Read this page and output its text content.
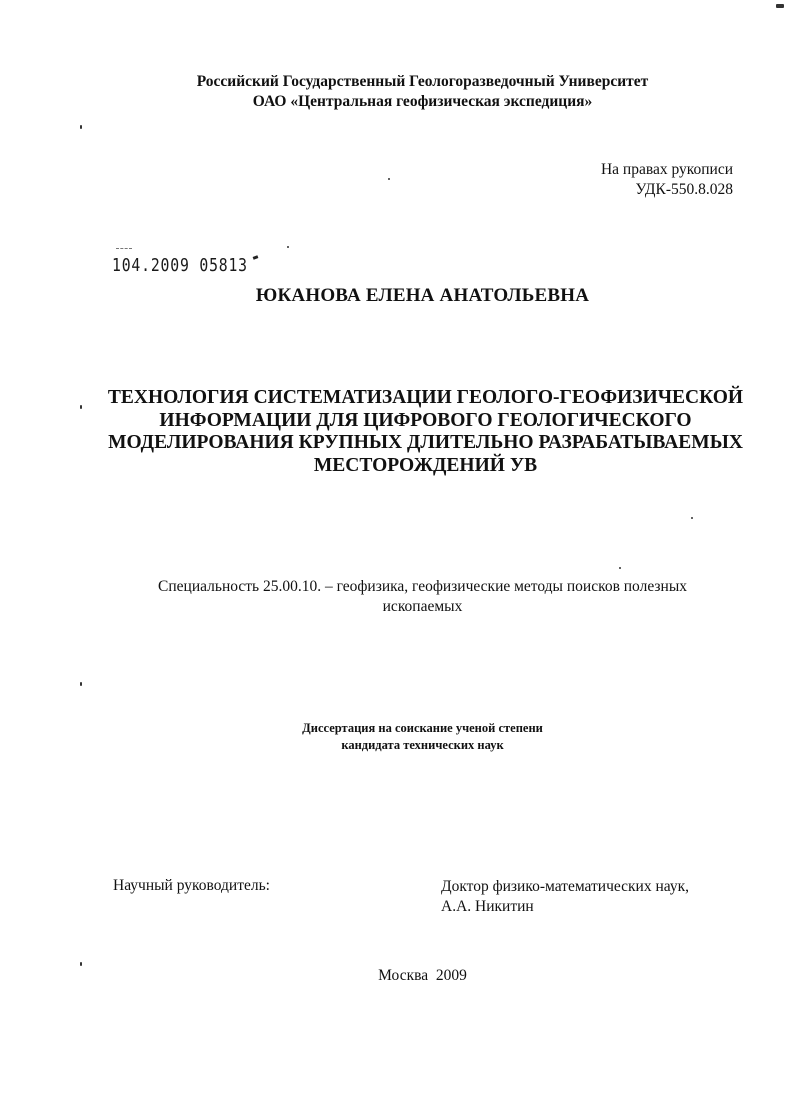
Российский Государственный Геологоразведочный Университет
ОАО «Центральная геофизическая экспедиция»
На правах рукописи
УДК-550.8.028
104.2009 05813
ЮКАНОВА ЕЛЕНА АНАТОЛЬЕВНА
ТЕХНОЛОГИЯ СИСТЕМАТИЗАЦИИ ГЕОЛОГО-ГЕОФИЗИЧЕСКОЙ
ИНФОРМАЦИИ ДЛЯ ЦИФРОВОГО ГЕОЛОГИЧЕСКОГО
МОДЕЛИРОВАНИЯ КРУПНЫХ ДЛИТЕЛЬНО РАЗРАБАТЫВАЕМЫХ
МЕСТОРОЖДЕНИЙ УВ
Специальность 25.00.10. – геофизика, геофизические методы поисков полезных
ископаемых
Диссертация на соискание ученой степени
кандидата технических наук
Научный руководитель:	Доктор физико-математических наук,
А.А. Никитин
Москва  2009
